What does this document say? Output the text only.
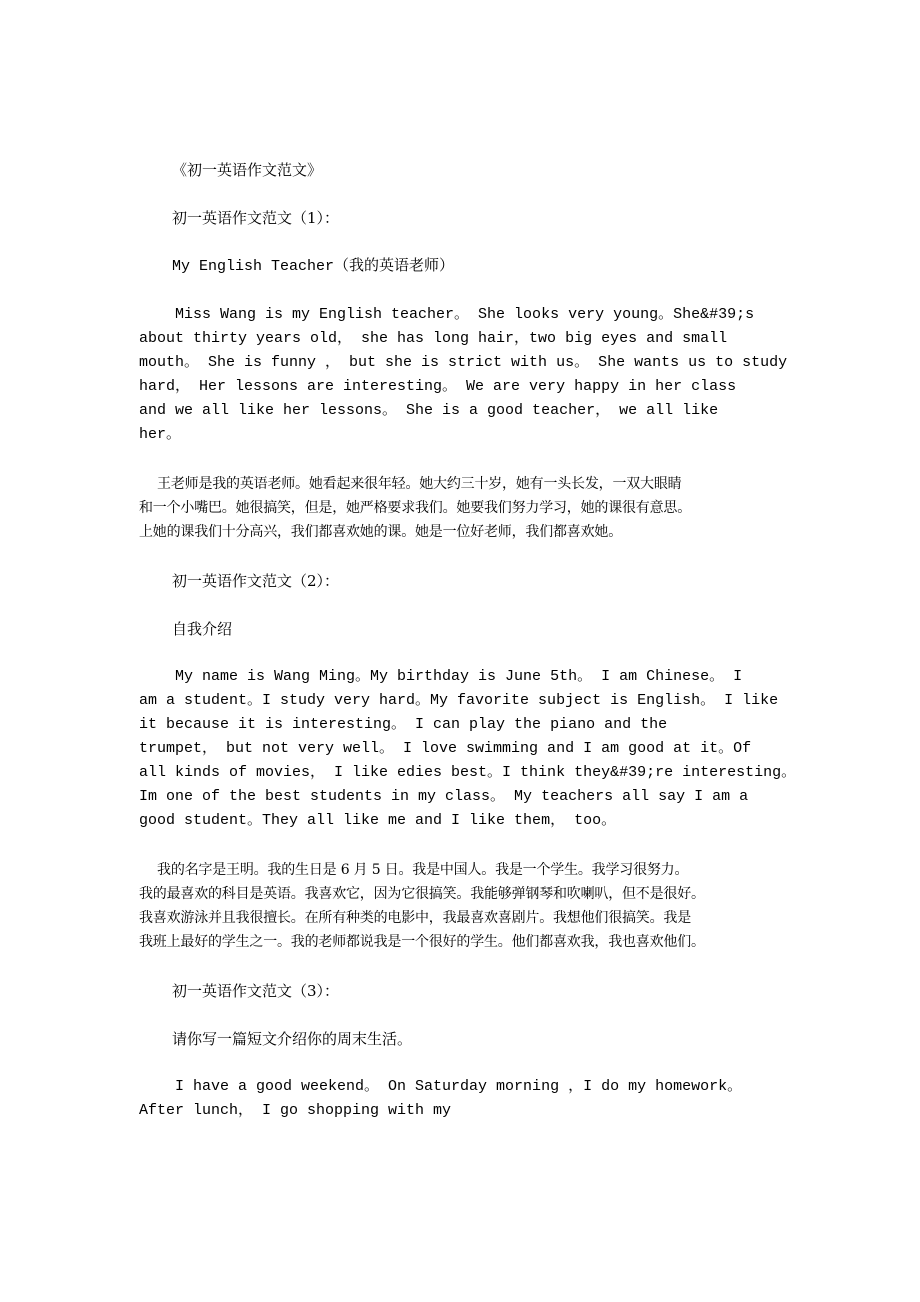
《初一英语作文范文》
初一英语作文范文（1）：
My English Teacher（我的英语老师）
Miss Wang is my English teacher。 She looks very young。She&#39;s
about thirty years old， she has long hair，two big eyes and small
mouth。 She is funny ， but she is strict with us。 She wants us to study
hard， Her lessons are interesting。 We are very happy in her class
and we all like her lessons。 She is a good teacher， we all like
her。
　 王老师是我的英语老师。她看起来很年轻。她大约三十岁，她有一头长发，一双大眼睛
和一个小嘴巴。她很搞笑，但是，她严格要求我们。她要我们努力学习，她的课很有意思。
上她的课我们十分高兴，我们都喜欢她的课。她是一位好老师，我们都喜欢她。
初一英语作文范文（2）：
自我介绍
My name is Wang Ming。My birthday is June 5th。 I am Chinese。 I
am a student。I study very hard。My favorite subject is English。 I like
it because it is interesting。 I can play the piano and the
trumpet， but not very well。 I love swimming and I am good at it。Of
all kinds of movies， I like edies best。I think they&#39;re interesting。
Im one of the best students in my class。 My teachers all say I am a
good student。They all like me and I like them， too。
　 我的名字是王明。我的生日是 6 月 5 日。我是中国人。我是一个学生。我学习很努力。
我的最喜欢的科目是英语。我喜欢它，因为它很搞笑。我能够弹钢琴和吹喇叭，但不是很好。
我喜欢游泳并且我很擅长。在所有种类的电影中，我最喜欢喜剧片。我想他们很搞笑。我是
我班上最好的学生之一。我的老师都说我是一个很好的学生。他们都喜欢我，我也喜欢他们。
初一英语作文范文（3）：
请你写一篇短文介绍你的周末生活。
I have a good weekend。 On Saturday morning ，I do my homework。
After lunch， I go shopping with my
